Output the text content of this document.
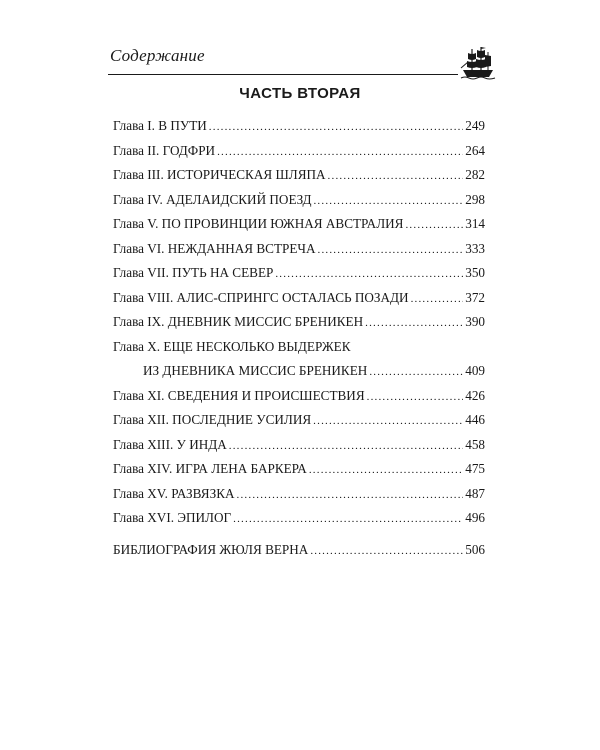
Содержание
ЧАСТЬ ВТОРАЯ
Глава I. В ПУТИ .....	249
Глава II. ГОДФРИ .....	264
Глава III. ИСТОРИЧЕСКАЯ ШЛЯПА .....	282
Глава IV. АДЕЛАИДСКИЙ ПОЕЗД .....	298
Глава V. ПО ПРОВИНЦИИ ЮЖНАЯ АВСТРАЛИЯ .....	314
Глава VI. НЕЖДАННАЯ ВСТРЕЧА .....	333
Глава VII. ПУТЬ НА СЕВЕР .....	350
Глава VIII. АЛИС-СПРИНГС ОСТАЛАСЬ ПОЗАДИ .....	372
Глава IX. ДНЕВНИК МИССИС БРЕНИКЕН .....	390
Глава X. ЕЩЕ НЕСКОЛЬКО ВЫДЕРЖЕК
ИЗ ДНЕВНИКА МИССИС БРЕНИКЕН .....	409
Глава XI. СВЕДЕНИЯ И ПРОИСШЕСТВИЯ .....	426
Глава XII. ПОСЛЕДНИЕ УСИЛИЯ .....	446
Глава XIII. У ИНДА .....	458
Глава XIV. ИГРА ЛЕНА БАРКЕРА .....	475
Глава XV. РАЗВЯЗКА .....	487
Глава XVI. ЭПИЛОГ .....	496
БИБЛИОГРАФИЯ ЖЮЛЯ ВЕРНА .....	506
